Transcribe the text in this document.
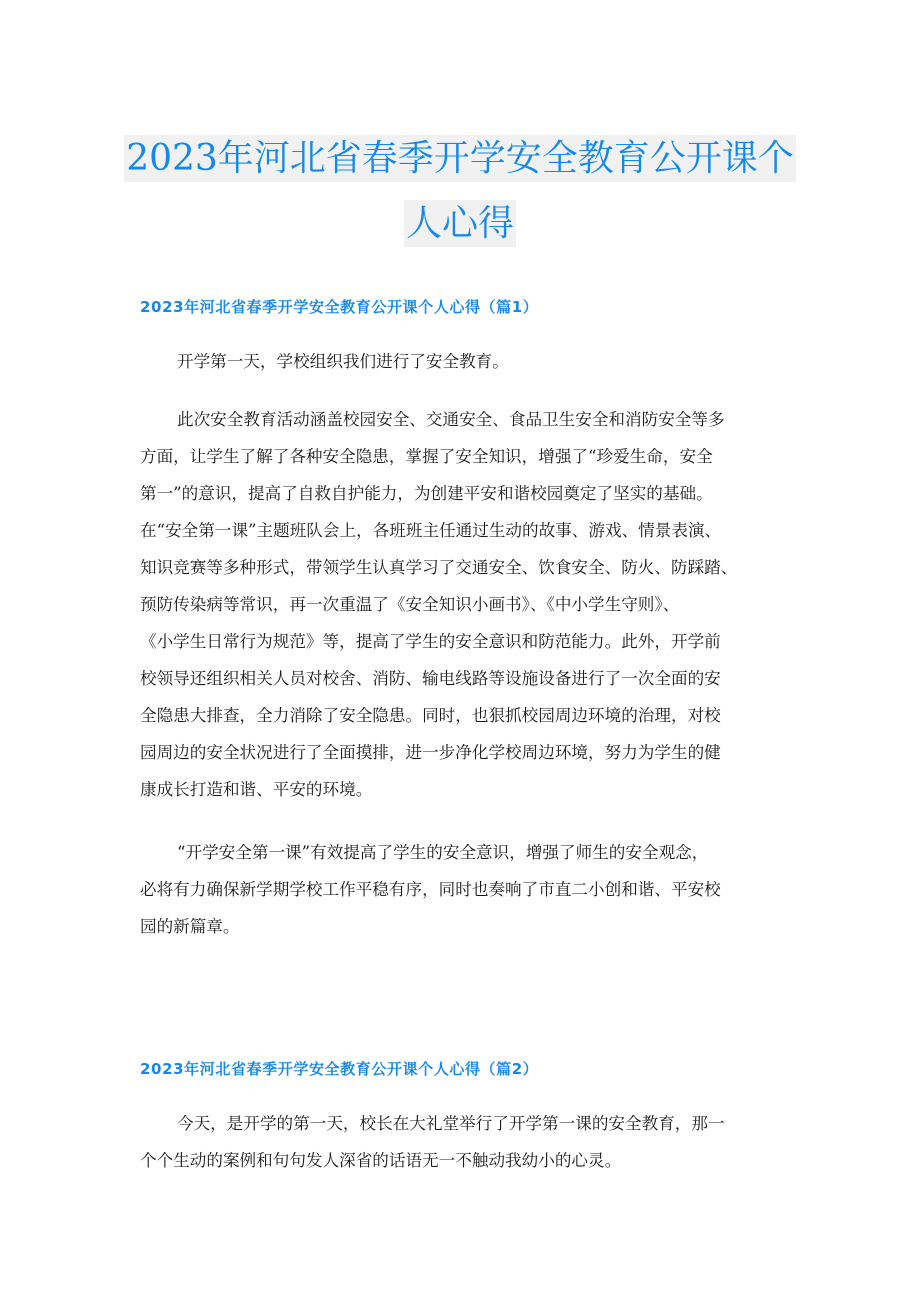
2023年河北省春季开学安全教育公开课个
人心得
2023年河北省春季开学安全教育公开课个人心得（篇1）
开学第一天，学校组织我们进行了安全教育。
此次安全教育活动涵盖校园安全、交通安全、食品卫生安全和消防安全等多
方面，让学生了解了各种安全隐患，掌握了安全知识，增强了“珍爱生命，安全
第一”的意识，提高了自救自护能力，为创建平安和谐校园奠定了坚实的基础。
在“安全第一课”主题班队会上，各班班主任通过生动的故事、游戏、情景表演、
知识竞赛等多种形式，带领学生认真学习了交通安全、饮食安全、防火、防踩踏、
预防传染病等常识，再一次重温了《安全知识小画书》、《中小学生守则》、
《小学生日常行为规范》等，提高了学生的安全意识和防范能力。此外，开学前
校领导还组织相关人员对校舍、消防、输电线路等设施设备进行了一次全面的安
全隐患大排查，全力消除了安全隐患。同时，也狠抓校园周边环境的治理，对校
园周边的安全状况进行了全面摸排，进一步净化学校周边环境，努力为学生的健
康成长打造和谐、平安的环境。
“开学安全第一课”有效提高了学生的安全意识，增强了师生的安全观念，
必将有力确保新学期学校工作平稳有序，同时也奏响了市直二小创和谐、平安校
园的新篇章。
2023年河北省春季开学安全教育公开课个人心得（篇2）
今天，是开学的第一天，校长在大礼堂举行了开学第一课的安全教育，那一
个个生动的案例和句句发人深省的话语无一不触动我幼小的心灵。
